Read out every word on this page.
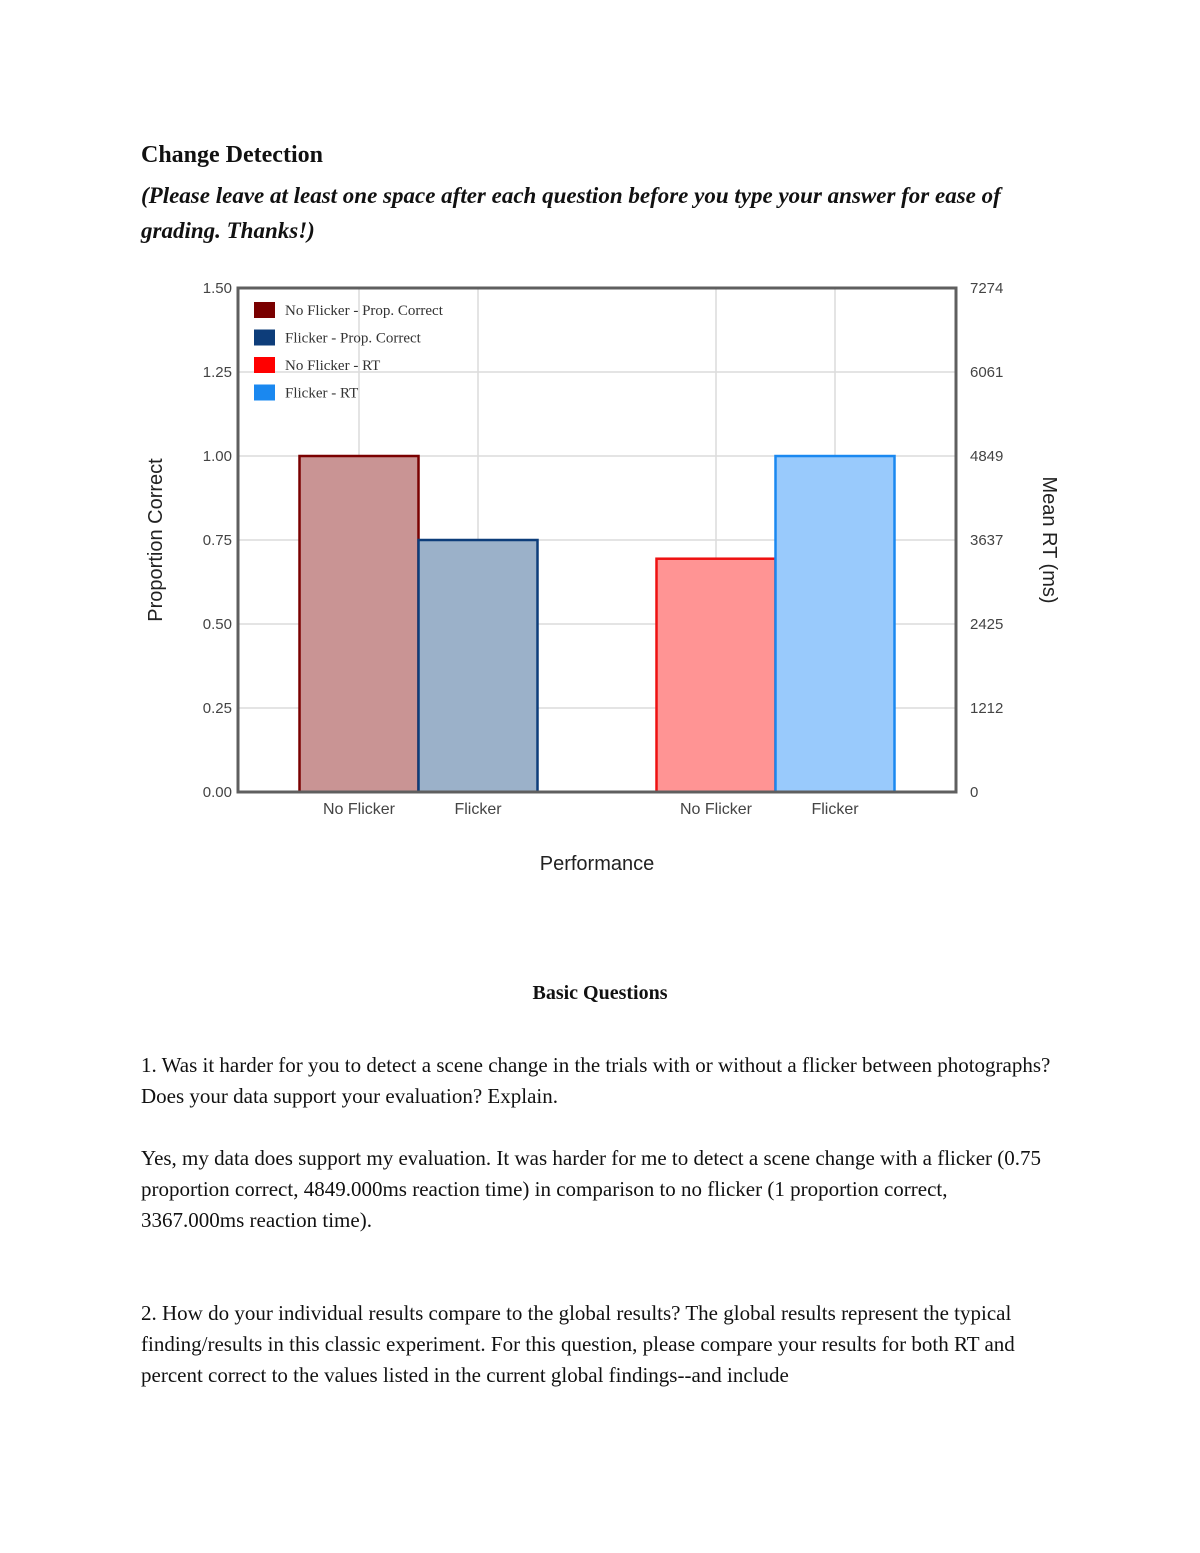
Change Detection

(Please leave at least one space after each question before you type your answer for ease of grading. Thanks!)

0.00	0
0.25	1212
0.50	2425
0.75	3637
1.00	4849
1.25	6061
1.50	7274
No Flicker	Flicker	No Flicker	Flicker
No Flicker - Prop. Correct
Flicker - Prop. Correct
No Flicker - RT
Flicker - RT
Performance
Proportion Correct	Mean RT (ms)
Basic Questions

1. Was it harder for you to detect a scene change in the trials with or without a flicker between photographs? Does your data support your evaluation? Explain.

Yes, my data does support my evaluation. It was harder for me to detect a scene change with a flicker (0.75 proportion correct, 4849.000ms reaction time) in comparison to no flicker (1 proportion correct, 3367.000ms reaction time).

2. How do your individual results compare to the global results? The global results represent the typical finding/results in this classic experiment. For this question, please compare your results for both RT and percent correct to the values listed in the current global findings--and include
